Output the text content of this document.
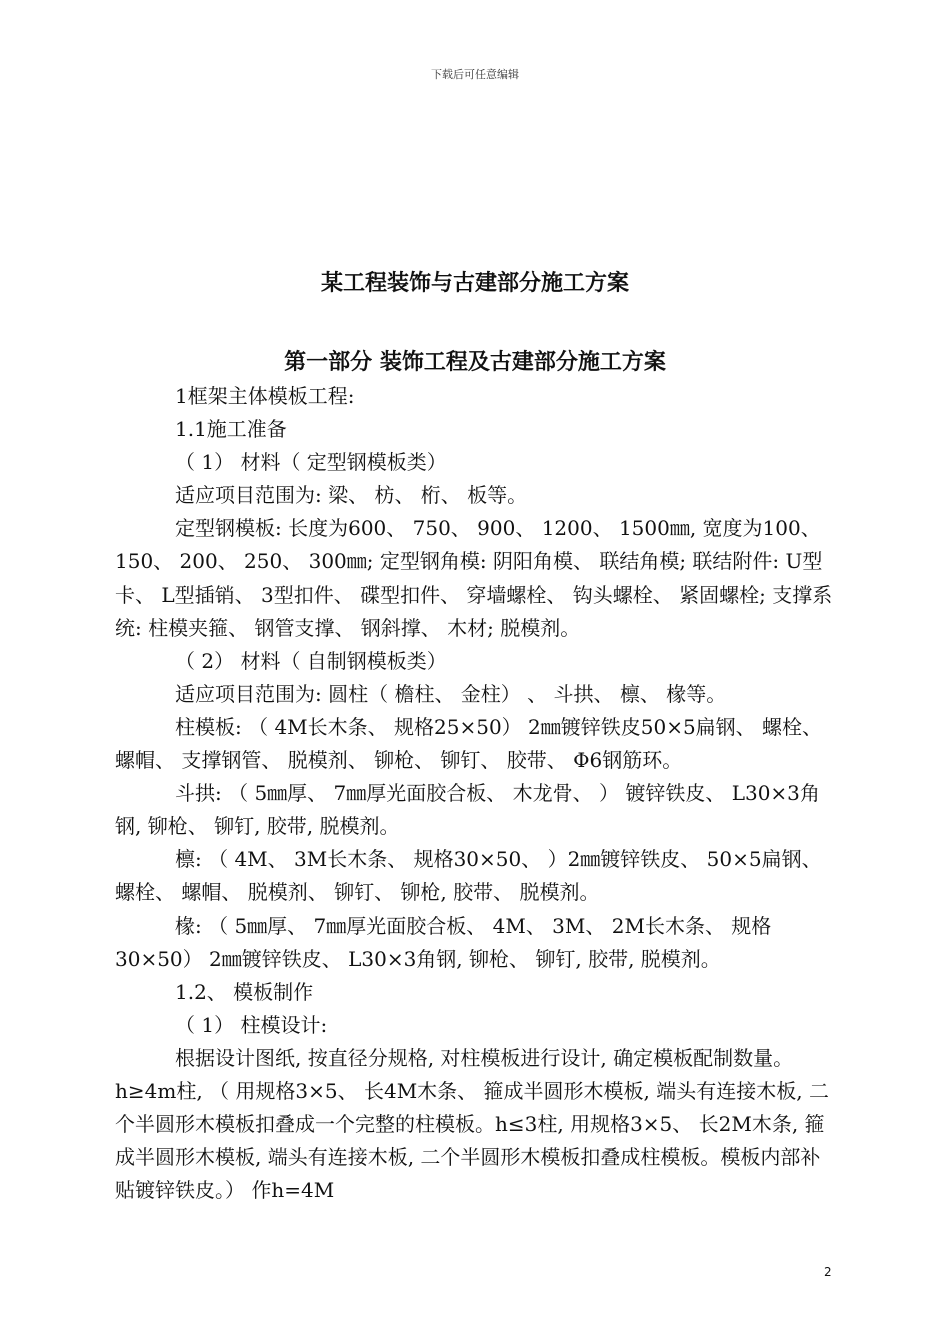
下载后可任意编辑
某工程装饰与古建部分施工方案
第一部分 装饰工程及古建部分施工方案

1框架主体模板工程:

1.1施工准备

（ 1） 材料（ 定型钢模板类）

适应项目范围为: 梁、 枋、 桁、 板等。

定型钢模板: 长度为600、 750、 900、 1200、 1500㎜, 宽度为100、 150、 200、 250、 300㎜; 定型钢角模: 阴阳角模、 联结角模; 联结附件: U型卡、 L型插销、 3型扣件、 碟型扣件、 穿墙螺栓、 钩头螺栓、 紧固螺栓; 支撑系统: 柱模夹箍、 钢管支撑、 钢斜撑、 木材; 脱模剂。

（ 2） 材料（ 自制钢模板类）

适应项目范围为: 圆柱（ 檐柱、 金柱） 、 斗拱、 檩、 椽等。

柱模板: （ 4M长木条、 规格25×50） 2㎜镀锌铁皮50×5扁钢、 螺栓、 螺帽、 支撑钢管、 脱模剂、 铆枪、 铆钉、 胶带、 Φ6钢筋环。

斗拱: （ 5㎜厚、 7㎜厚光面胶合板、 木龙骨、 ） 镀锌铁皮、 L30×3角钢, 铆枪、 铆钉, 胶带, 脱模剂。

檩: （ 4M、 3M长木条、 规格30×50、 ）2㎜镀锌铁皮、 50×5扁钢、 螺栓、 螺帽、 脱模剂、 铆钉、 铆枪, 胶带、 脱模剂。

椽: （ 5㎜厚、 7㎜厚光面胶合板、 4M、 3M、 2M长木条、 规格30×50） 2㎜镀锌铁皮、 L30×3角钢, 铆枪、 铆钉, 胶带, 脱模剂。

1.2、 模板制作

（ 1） 柱模设计:

根据设计图纸, 按直径分规格, 对柱模板进行设计, 确定模板配制数量。h≥4m柱, （ 用规格3×5、 长4M木条、 箍成半圆形木模板, 端头有连接木板, 二个半圆形木模板扣叠成一个完整的柱模板。h≤3柱, 用规格3×5、 长2M木条, 箍成半圆形木模板, 端头有连接木板, 二个半圆形木模板扣叠成柱模板。模板内部补贴镀锌铁皮。） 作h=4M

2
